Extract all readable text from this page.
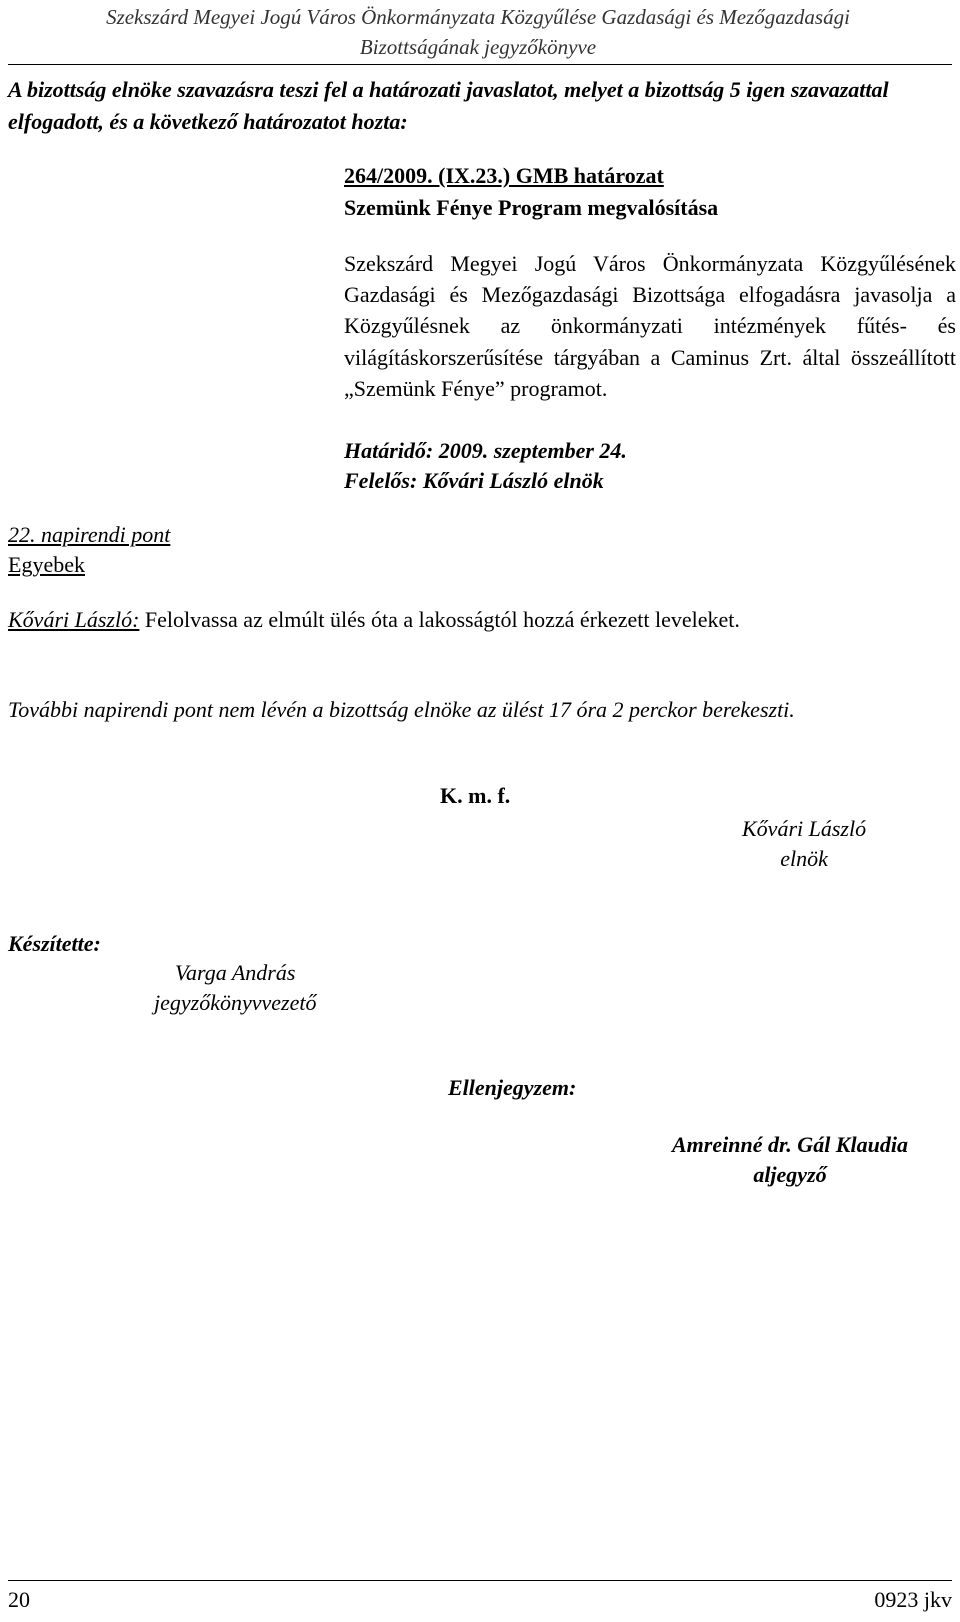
Szekszárd Megyei Jogú Város Önkormányzata Közgyűlése Gazdasági és Mezőgazdasági
Bizottságának jegyzőkönyve
A bizottság elnöke szavazásra teszi fel a határozati javaslatot, melyet a bizottság 5 igen szavazattal elfogadott, és a következő határozatot hozta:
264/2009. (IX.23.) GMB határozat
Szemünk Fénye Program megvalósítása
Szekszárd Megyei Jogú Város Önkormányzata Közgyűlésének Gazdasági és Mezőgazdasági Bizottsága elfogadásra javasolja a Közgyűlésnek az önkormányzati intézmények fűtés- és világításkorszerűsítése tárgyában a Caminus Zrt. által összeállított „Szemünk Fénye” programot.
Határidő: 2009. szeptember 24.
Felelős: Kővári László elnök
22. napirendi pont
Egyebek
Kővári László: Felolvassa az elmúlt ülés óta a lakosságtól hozzá érkezett leveleket.
További napirendi pont nem lévén a bizottság elnöke az ülést 17 óra 2 perckor berekeszti.
K. m. f.
Kővári László
elnök
Készítette:
Varga András
jegyzőkönyvvezető
Ellenjegyzem:
Amreinné dr. Gál Klaudia
aljegyző
20	0923 jkv
